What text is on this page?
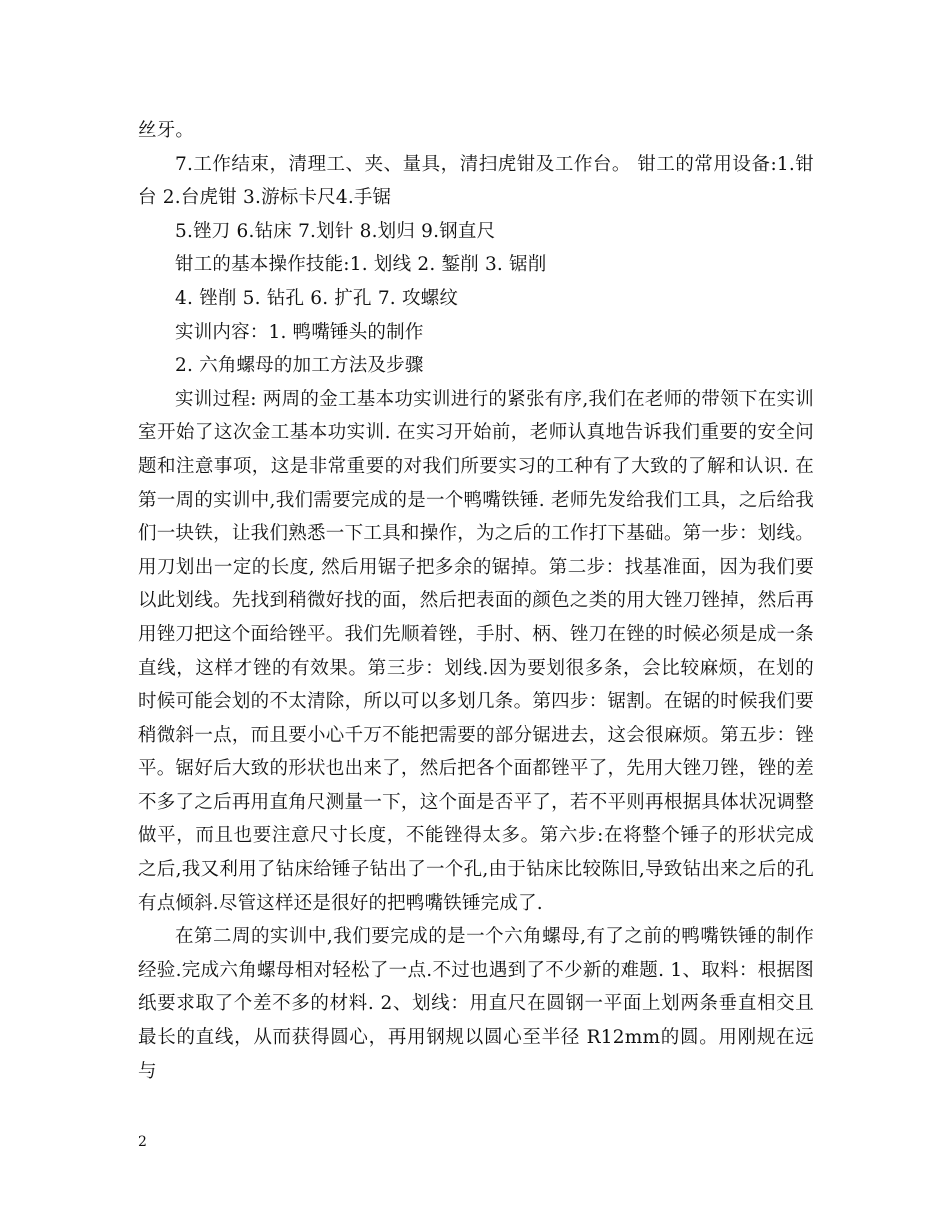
丝牙。

7.工作结束，清理工、夹、量具，清扫虎钳及工作台。 钳工的常用设备:1.钳台 2.台虎钳 3.游标卡尺4.手锯

5.锉刀 6.钻床 7.划针 8.划归 9.钢直尺

钳工的基本操作技能:1. 划线 2. 錾削 3. 锯削

4. 锉削 5. 钻孔 6. 扩孔 7. 攻螺纹

实训内容：1. 鸭嘴锤头的制作

2. 六角螺母的加工方法及步骤

实训过程: 两周的金工基本功实训进行的紧张有序,我们在老师的带领下在实训室开始了这次金工基本功实训. 在实习开始前，老师认真地告诉我们重要的安全问题和注意事项，这是非常重要的对我们所要实习的工种有了大致的了解和认识. 在第一周的实训中,我们需要完成的是一个鸭嘴铁锤. 老师先发给我们工具，之后给我们一块铁，让我们熟悉一下工具和操作，为之后的工作打下基础。第一步：划线。用刀划出一定的长度, 然后用锯子把多余的锯掉。第二步：找基准面，因为我们要以此划线。先找到稍微好找的面，然后把表面的颜色之类的用大锉刀锉掉，然后再用锉刀把这个面给锉平。我们先顺着锉，手肘、柄、锉刀在锉的时候必须是成一条直线，这样才锉的有效果。第三步：划线.因为要划很多条，会比较麻烦，在划的时候可能会划的不太清除，所以可以多划几条。第四步：锯割。在锯的时候我们要稍微斜一点，而且要小心千万不能把需要的部分锯进去，这会很麻烦。第五步：锉平。锯好后大致的形状也出来了，然后把各个面都锉平了，先用大锉刀锉，锉的差不多了之后再用直角尺测量一下，这个面是否平了，若不平则再根据具体状况调整做平，而且也要注意尺寸长度，不能锉得太多。第六步:在将整个锤子的形状完成之后,我又利用了钻床给锤子钻出了一个孔,由于钻床比较陈旧,导致钻出来之后的孔有点倾斜.尽管这样还是很好的把鸭嘴铁锤完成了.

在第二周的实训中,我们要完成的是一个六角螺母,有了之前的鸭嘴铁锤的制作经验.完成六角螺母相对轻松了一点.不过也遇到了不少新的难题. 1、取料：根据图纸要求取了个差不多的材料. 2、划线：用直尺在圆钢一平面上划两条垂直相交且最长的直线，从而获得圆心，再用钢规以圆心至半径 R12mm的圆。用刚规在远与

2
